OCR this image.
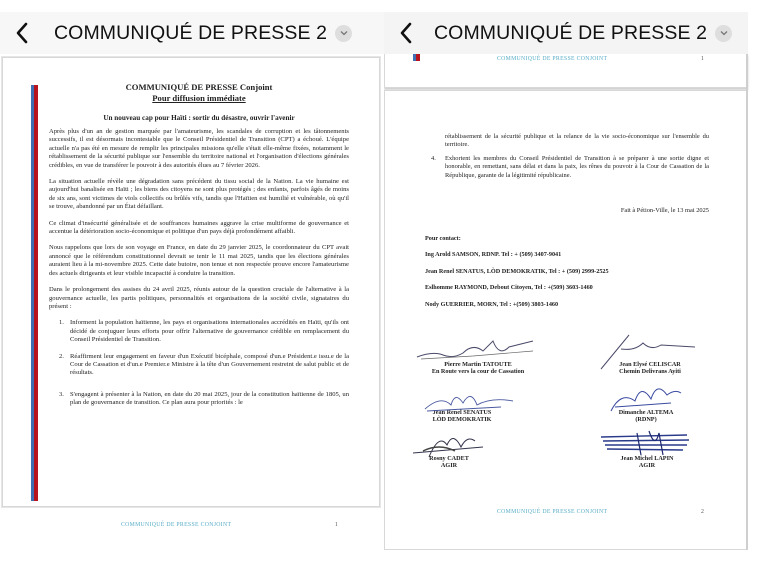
COMMUNIQUÉ DE PRESSE 2
COMMUNIQUÉ DE PRESSE Conjoint
Pour diffusion immédiate
Un nouveau cap pour Haïti : sortir du désastre, ouvrir l'avenir

Après plus d'un an de gestion marquée par l'amateurisme, les scandales de corruption et les tâtonnements successifs, il est désormais incontestable que le Conseil Présidentiel de Transition (CPT) a échoué. L'équipe actuelle n'a pas été en mesure de remplir les principales missions qu'elle s'était elle-même fixées, notamment le rétablissement de la sécurité publique sur l'ensemble du territoire national et l'organisation d'élections générales crédibles, en vue de transférer le pouvoir à des autorités élues au 7 février 2026.

La situation actuelle révèle une dégradation sans précédent du tissu social de la Nation. La vie humaine est aujourd'hui banalisée en Haïti ; les biens des citoyens ne sont plus protégés ; des enfants, parfois âgés de moins de six ans, sont victimes de viols collectifs ou brûlés vifs, tandis que l'Haïtien est humilié et vulnérable, où qu'il se trouve, abandonné par un État défaillant.

Ce climat d'insécurité généralisée et de souffrances humaines aggrave la crise multiforme de gouvernance et accentue la détérioration socio-économique et politique d'un pays déjà profondément affaibli.

Nous rappelons que lors de son voyage en France, en date du 29 janvier 2025, le coordonnateur du CPT avait annoncé que le référendum constitutionnel devrait se tenir le 11 mai 2025, tandis que les élections générales auraient lieu à la mi-novembre 2025. Cette date butoire, non tenue et non respectée prouve encore l'amateurisme des actuels dirigeants et leur visible incapacité à conduire la transition.

Dans le prolongement des assises du 24 avril 2025, réunis autour de la question cruciale de l'alternative à la gouvernance actuelle, les partis politiques, personnalités et organisations de la société civile, signataires du présent :

1. Informent la population haïtienne, les pays et organisations internationales accrédités en Haïti, qu'ils ont décidé de conjuguer leurs efforts pour offrir l'alternative de gouvernance crédible en remplacement du Conseil Présidentiel de Transition.
2. Réaffirment leur engagement en faveur d'un Exécutif bicéphale, composé d'un.e Président.e issu.e de la Cour de Cassation et d'un.e Premier.e Ministre à la tête d'un Gouvernement restreint de salut public et de résultats.
3. S'engagent à présenter à la Nation, en date du 20 mai 2025, jour de la constitution haïtienne de 1805, un plan de gouvernance de transition. Ce plan aura pour priorités : le
COMMUNIQUÉ DE PRESSE CONJOINT	1
COMMUNIQUÉ DE PRESSE 2
COMMUNIQUÉ DE PRESSE CONJOINT	1
rétablissement de la sécurité publique et la relance de la vie socio-économique sur l'ensemble du territoire.
4.	Exhortent les membres du Conseil Présidentiel de Transition à se préparer à une sortie digne et honorable, en remettant, sans délai et dans la paix, les rênes du pouvoir à la Cour de Cassation de la République, garante de la légitimité républicaine.
Fait à Pétion-Ville, le 13 mai 2025
Pour contact:
Ing Arold SAMSON, RDNP. Tel : + (509) 3407-9041
Jean Renel SENATUS, LÒD DEMOKRATIK, Tel : + (509) 2999-2525
Eslhomme RAYMOND, Debout Citoyen, Tel : +(509) 3603-1460
Nody GUERRIER, MORN, Tel : +(509) 3803-1460
Pierre Martin TATOUTE
En Route vers la cour de Cassation
Jean Elysé CELISCAR
Chemin Delivrans Ayiti
Jean Renel SENATUS
LÒD DEMOKRATIK
Dimanche ALTEMA
(RDNP)
Rosny CADET
AGIR
Jean Michel LAPIN
AGIR
COMMUNIQUÉ DE PRESSE CONJOINT	2
